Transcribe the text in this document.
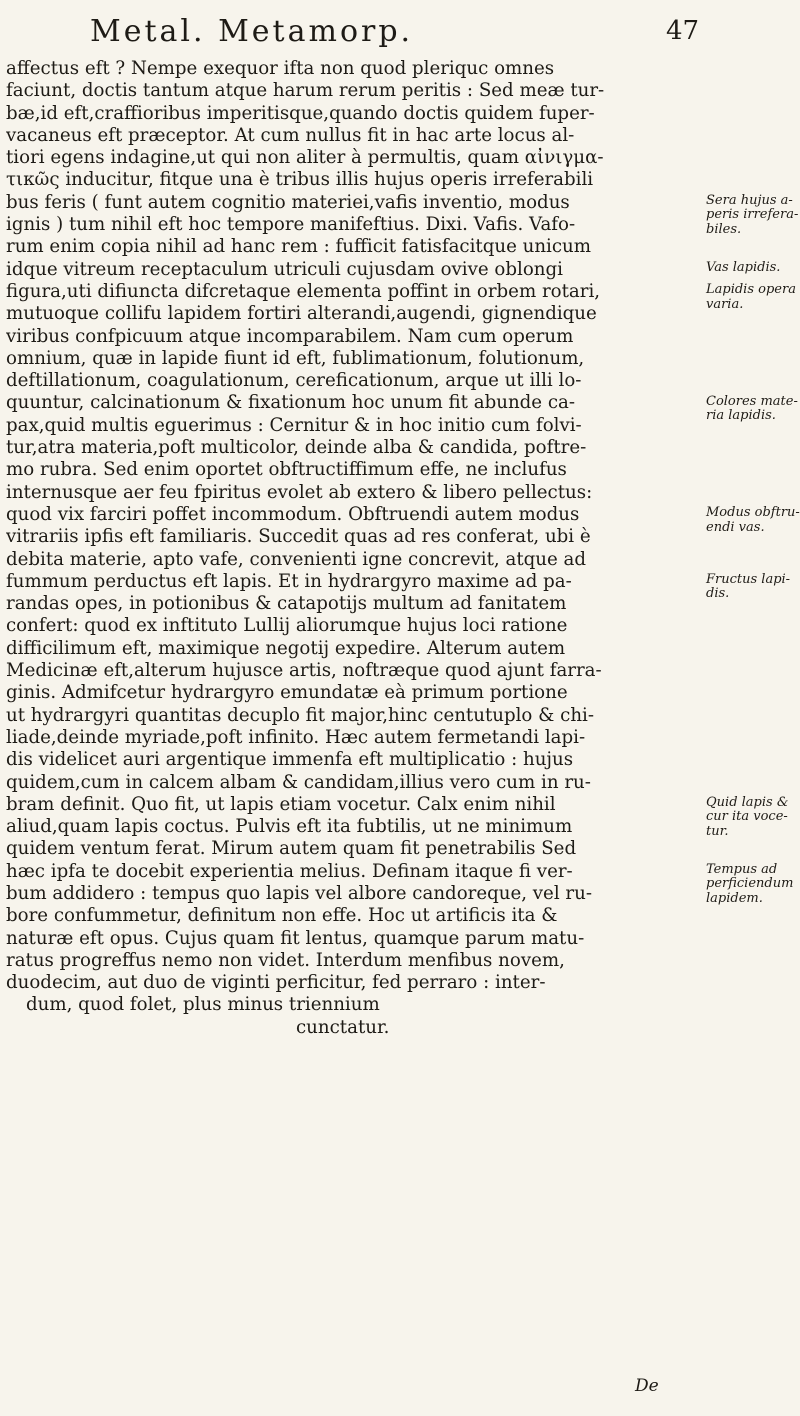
Metal. Metamorp.	47
affectus eft ? Nempe exequor ifta non quod pleriquc omnes
faciunt, doctis tantum atque harum rerum peritis : Sed meæ tur-
bæ,id eft,craffioribus imperitisque,quando doctis quidem fuper-
vacaneus eft præceptor. At cum nullus fit in hac arte locus al-
tiori egens indagine,ut qui non aliter à permultis, quam αἰνιγμα-
τικῶς inducitur, fitque una è tribus illis hujus operis irreferabili
bus feris ( funt autem cognitio materiei,vafis inventio, modus
ignis ) tum nihil eft hoc tempore manifeftius. Dixi. Vafis. Vafo-
rum enim copia nihil ad hanc rem : fufficit fatisfacitque unicum
idque vitreum receptaculum utriculi cujusdam ovive oblongi
figura,uti difiuncta difcretaque elementa poffint in orbem rotari,
mutuoque collifu lapidem fortiri alterandi,augendi, gignendique
viribus confpicuum atque incomparabilem. Nam cum operum
omnium, quæ in lapide fiunt id eft, fublimationum, folutionum,
deftillationum, coagulationum, cereficationum, arque ut illi lo-
quuntur, calcinationum & fixationum hoc unum fit abunde ca-
pax,quid multis eguerimus : Cernitur & in hoc initio cum folvi-
tur,atra materia,poft multicolor, deinde alba & candida, poftre-
mo rubra. Sed enim oportet obftructiffimum effe, ne inclufus
internusque aer feu fpiritus evolet ab extero & libero pellectus:
quod vix farciri poffet incommodum. Obftruendi autem modus
vitrariis ipfis eft familiaris. Succedit quas ad res conferat, ubi è
debita materie, apto vafe, convenienti igne concrevit, atque ad
fummum perductus eft lapis. Et in hydrargyro maxime ad pa-
randas opes, in potionibus & catapotijs multum ad fanitatem
confert: quod ex inftituto Lullij aliorumque hujus loci ratione
difficilimum eft, maximique negotij expedire. Alterum autem
Medicinæ eft,alterum hujusce artis, noftræque quod ajunt farra-
ginis. Admifcetur hydrargyro emundatæ eà primum portione
ut hydrargyri quantitas decuplo fit major,hinc centutuplo & chi-
liade,deinde myriade,poft infinito. Hæc autem fermetandi lapi-
dis videlicet auri argentique immenfa eft multiplicatio : hujus
quidem,cum in calcem albam & candidam,illius vero cum in ru-
bram definit. Quo fit, ut lapis etiam vocetur. Calx enim nihil
aliud,quam lapis coctus. Pulvis eft ita fubtilis, ut ne minimum
quidem ventum ferat. Mirum autem quam fit penetrabilis Sed
hæc ipfa te docebit experientia melius. Definam itaque fi ver-
bum addidero : tempus quo lapis vel albore candoreque, vel ru-
bore confummetur, definitum non effe. Hoc ut artificis ita &
naturæ eft opus. Cujus quam fit lentus, quamque parum matu-
ratus progreffus nemo non videt. Interdum menfibus novem,
duodecim, aut duo de viginti perficitur, fed perraro : inter-
dum, quod folet, plus minus triennium
cunctatur.
Sera hujus a-
peris irrefera-
biles.
Vas lapidis.
Lapidis opera
varia.
Colores mate-
ria lapidis.
Modus obftru-
endi vas.
Fructus lapi-
dis.
Quid lapis &
cur ita voce-
tur.
Tempus ad
perficiendum
lapidem.
De
